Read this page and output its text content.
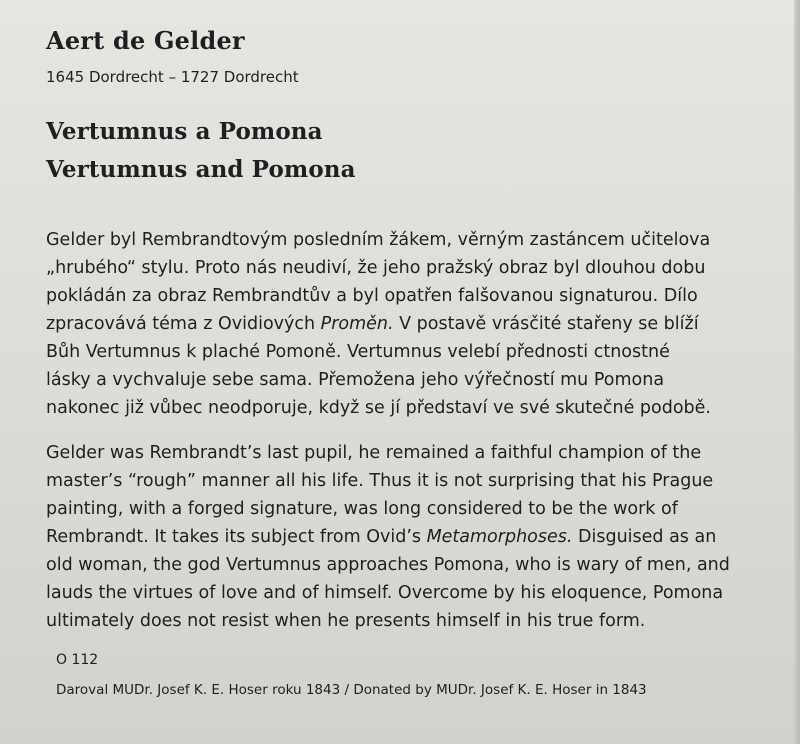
Aert de Gelder
1645 Dordrecht – 1727 Dordrecht
Vertumnus a Pomona
Vertumnus and Pomona
Gelder byl Rembrandtovým posledním žákem, věrným zastáncem učitelova
„hrubého“ stylu. Proto nás neudiví, že jeho pražský obraz byl dlouhou dobu
pokládán za obraz Rembrandtův a byl opatřen falšovanou signaturou. Dílo
zpracovává téma z Ovidiových Proměn. V postavě vrásčité stařeny se blíží
Bůh Vertumnus k plaché Pomoně. Vertumnus velebí přednosti ctnostné
lásky a vychvaluje sebe sama. Přemožena jeho výřečností mu Pomona
nakonec již vůbec neodporuje, když se jí představí ve své skutečné podobě.
Gelder was Rembrandt’s last pupil, he remained a faithful champion of the
master’s “rough” manner all his life. Thus it is not surprising that his Prague
painting, with a forged signature, was long considered to be the work of
Rembrandt. It takes its subject from Ovid’s Metamorphoses. Disguised as an
old woman, the god Vertumnus approaches Pomona, who is wary of men, and
lauds the virtues of love and of himself. Overcome by his eloquence, Pomona
ultimately does not resist when he presents himself in his true form.
O 112
Daroval MUDr. Josef K. E. Hoser roku 1843 / Donated by MUDr. Josef K. E. Hoser in 1843
